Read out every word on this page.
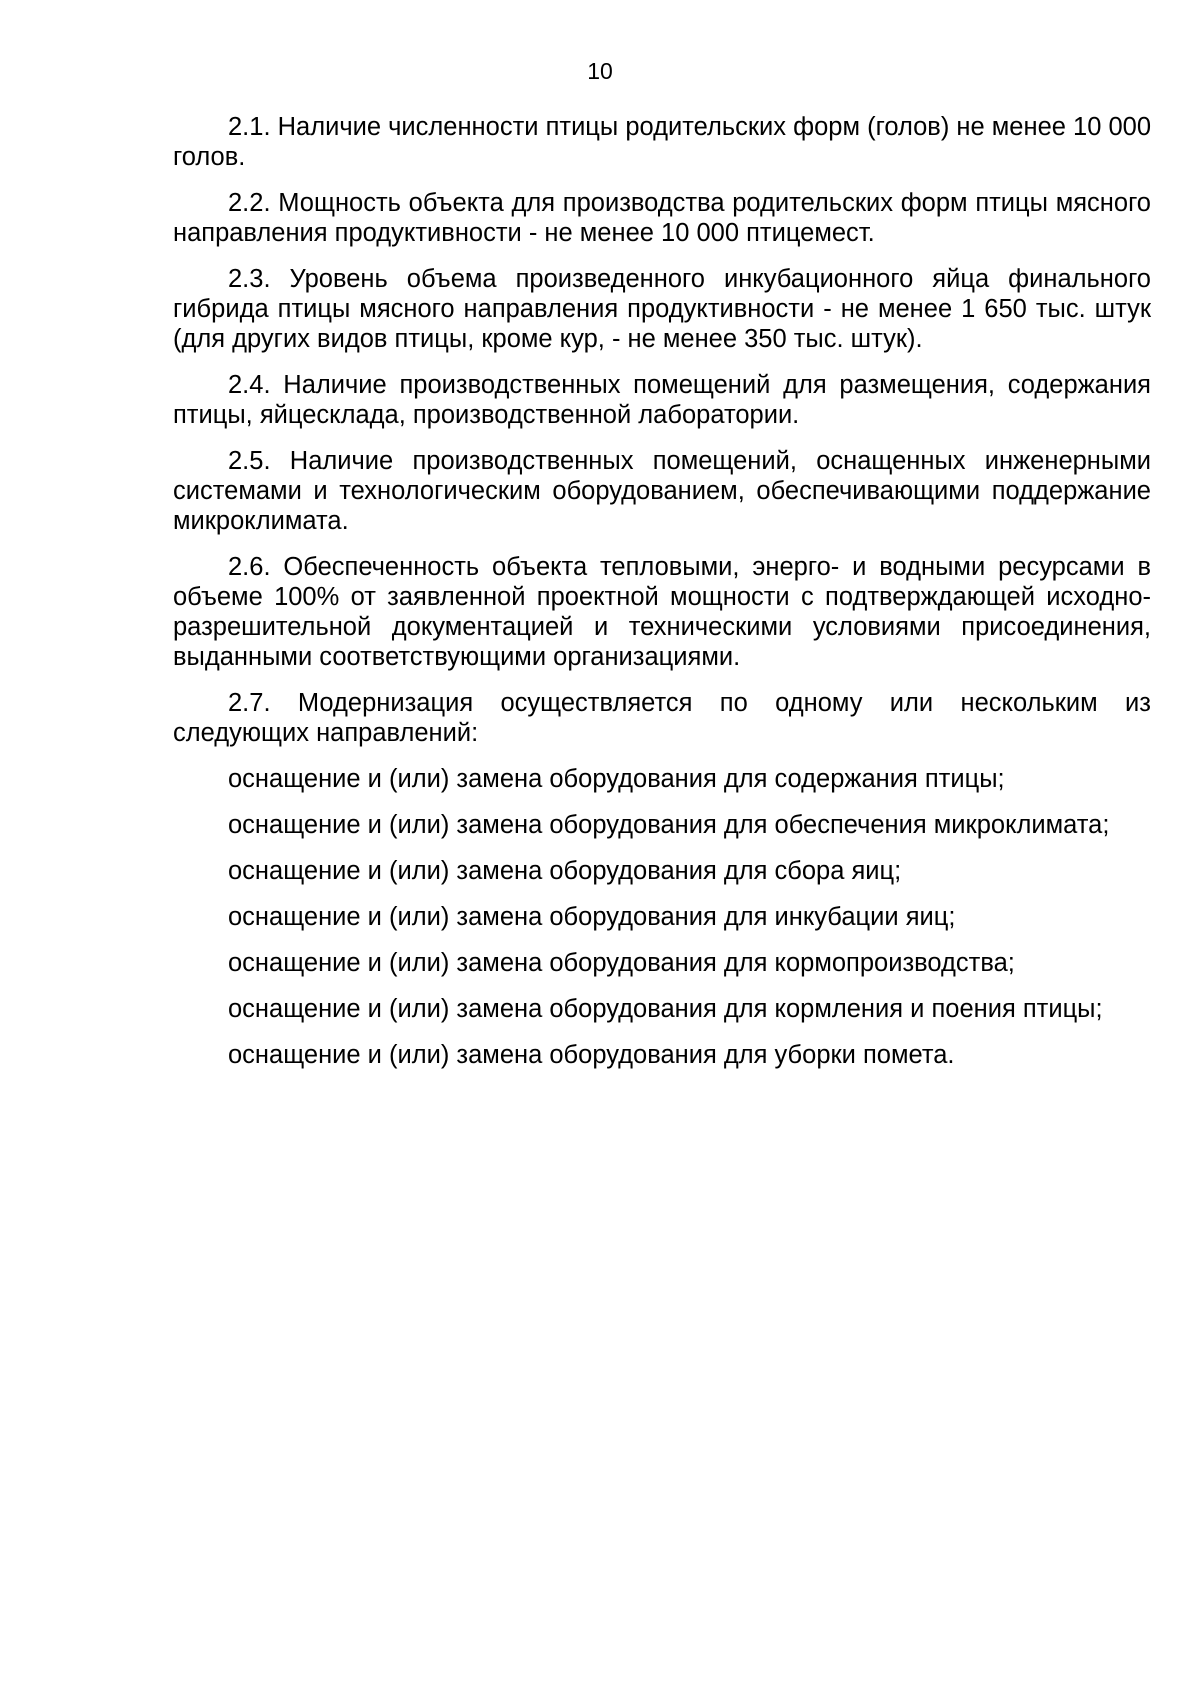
10

2.1. Наличие численности птицы родительских форм (голов) не менее 10 000 голов.

2.2. Мощность объекта для производства родительских форм птицы мясного направления продуктивности - не менее 10 000 птицемест.

2.3. Уровень объема произведенного инкубационного яйца финального гибрида птицы мясного направления продуктивности - не менее 1 650 тыс. штук (для других видов птицы, кроме кур, - не менее 350 тыс. штук).

2.4. Наличие производственных помещений для размещения, содержания птицы, яйцесклада, производственной лаборатории.

2.5. Наличие производственных помещений, оснащенных инженерными системами и технологическим оборудованием, обеспечивающими поддержание микроклимата.

2.6. Обеспеченность объекта тепловыми, энерго- и водными ресурсами в объеме 100% от заявленной проектной мощности с подтверждающей исходно-разрешительной документацией и техническими условиями присоединения, выданными соответствующими организациями.

2.7. Модернизация осуществляется по одному или нескольким из следующих направлений:

оснащение и (или) замена оборудования для содержания птицы;
оснащение и (или) замена оборудования для обеспечения микроклимата;
оснащение и (или) замена оборудования для сбора яиц;
оснащение и (или) замена оборудования для инкубации яиц;
оснащение и (или) замена оборудования для кормопроизводства;
оснащение и (или) замена оборудования для кормления и поения птицы;
оснащение и (или) замена оборудования для уборки помета.
